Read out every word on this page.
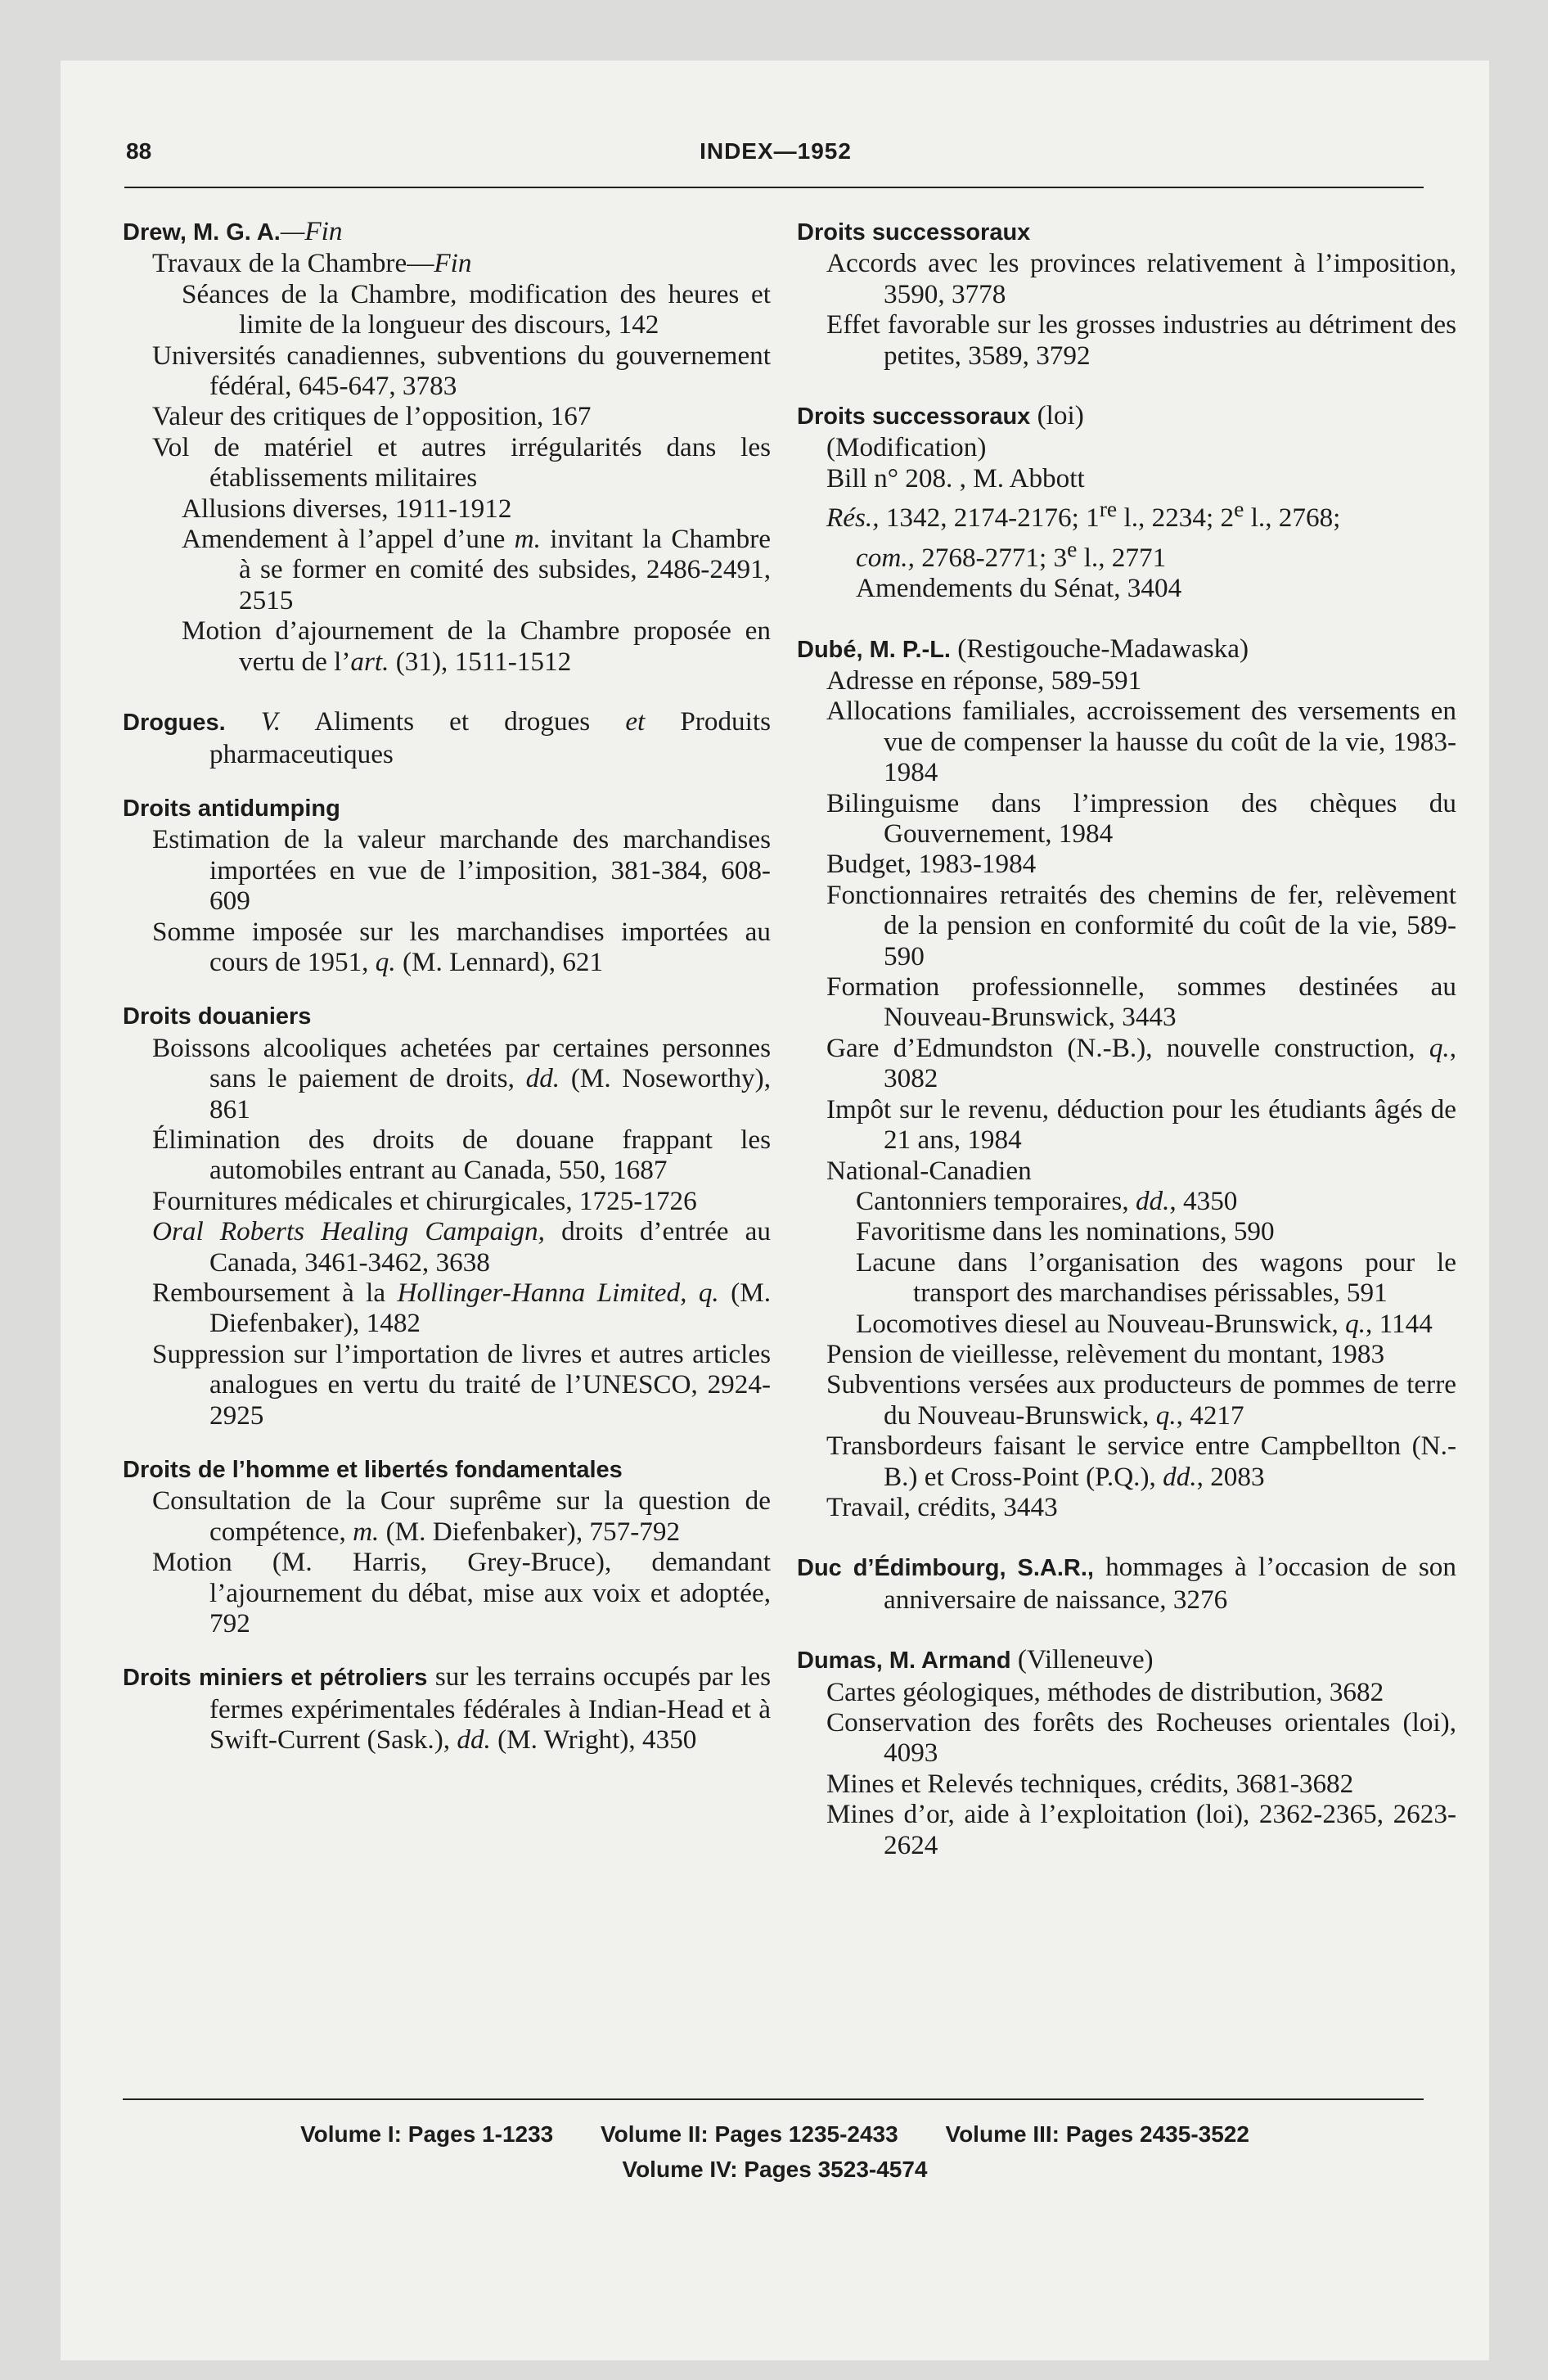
88	INDEX—1952
Drew, M. G. A.—Fin
Travaux de la Chambre—Fin
Séances de la Chambre, modification des heures et limite de la longueur des discours, 142
Universités canadiennes, subventions du gouvernement fédéral, 645-647, 3783
Valeur des critiques de l’opposition, 167
Vol de matériel et autres irrégularités dans les établissements militaires
Allusions diverses, 1911-1912
Amendement à l’appel d’une m. invitant la Chambre à se former en comité des subsides, 2486-2491, 2515
Motion d’ajournement de la Chambre proposée en vertu de l’art. (31), 1511-1512
Drogues. V. Aliments et drogues et Produits pharmaceutiques
Droits antidumping
Estimation de la valeur marchande des marchandises importées en vue de l’imposition, 381-384, 608-609
Somme imposée sur les marchandises importées au cours de 1951, q. (M. Lennard), 621
Droits douaniers
Boissons alcooliques achetées par certaines personnes sans le paiement de droits, dd. (M. Noseworthy), 861
Élimination des droits de douane frappant les automobiles entrant au Canada, 550, 1687
Fournitures médicales et chirurgicales, 1725-1726
Oral Roberts Healing Campaign, droits d’entrée au Canada, 3461-3462, 3638
Remboursement à la Hollinger-Hanna Limited, q. (M. Diefenbaker), 1482
Suppression sur l’importation de livres et autres articles analogues en vertu du traité de l’UNESCO, 2924-2925
Droits de l’homme et libertés fondamentales
Consultation de la Cour suprême sur la question de compétence, m. (M. Diefenbaker), 757-792
Motion (M. Harris, Grey-Bruce), demandant l’ajournement du débat, mise aux voix et adoptée, 792
Droits miniers et pétroliers sur les terrains occupés par les fermes expérimentales fédérales à Indian-Head et à Swift-Current (Sask.), dd. (M. Wright), 4350
Droits successoraux
Accords avec les provinces relativement à l’imposition, 3590, 3778
Effet favorable sur les grosses industries au détriment des petites, 3589, 3792
Droits successoraux (loi)
(Modification)
Bill n° 208. , M. Abbott
Rés., 1342, 2174-2176; 1re l., 2234; 2e l., 2768;
com., 2768-2771; 3e l., 2771
Amendements du Sénat, 3404
Dubé, M. P.-L. (Restigouche-Madawaska)
Adresse en réponse, 589-591
Allocations familiales, accroissement des versements en vue de compenser la hausse du coût de la vie, 1983-1984
Bilinguisme dans l’impression des chèques du Gouvernement, 1984
Budget, 1983-1984
Fonctionnaires retraités des chemins de fer, relèvement de la pension en conformité du coût de la vie, 589-590
Formation professionnelle, sommes destinées au Nouveau-Brunswick, 3443
Gare d’Edmundston (N.-B.), nouvelle construction, q., 3082
Impôt sur le revenu, déduction pour les étudiants âgés de 21 ans, 1984
National-Canadien
Cantonniers temporaires, dd., 4350
Favoritisme dans les nominations, 590
Lacune dans l’organisation des wagons pour le transport des marchandises périssables, 591
Locomotives diesel au Nouveau-Brunswick, q., 1144
Pension de vieillesse, relèvement du montant, 1983
Subventions versées aux producteurs de pommes de terre du Nouveau-Brunswick, q., 4217
Transbordeurs faisant le service entre Campbellton (N.-B.) et Cross-Point (P.Q.), dd., 2083
Travail, crédits, 3443
Duc d’Édimbourg, S.A.R., hommages à l’occasion de son anniversaire de naissance, 3276
Dumas, M. Armand (Villeneuve)
Cartes géologiques, méthodes de distribution, 3682
Conservation des forêts des Rocheuses orientales (loi), 4093
Mines et Relevés techniques, crédits, 3681-3682
Mines d’or, aide à l’exploitation (loi), 2362-2365, 2623-2624
Volume I: Pages 1-1233 Volume II: Pages 1235-2433 Volume III: Pages 2435-3522
Volume IV: Pages 3523-4574
